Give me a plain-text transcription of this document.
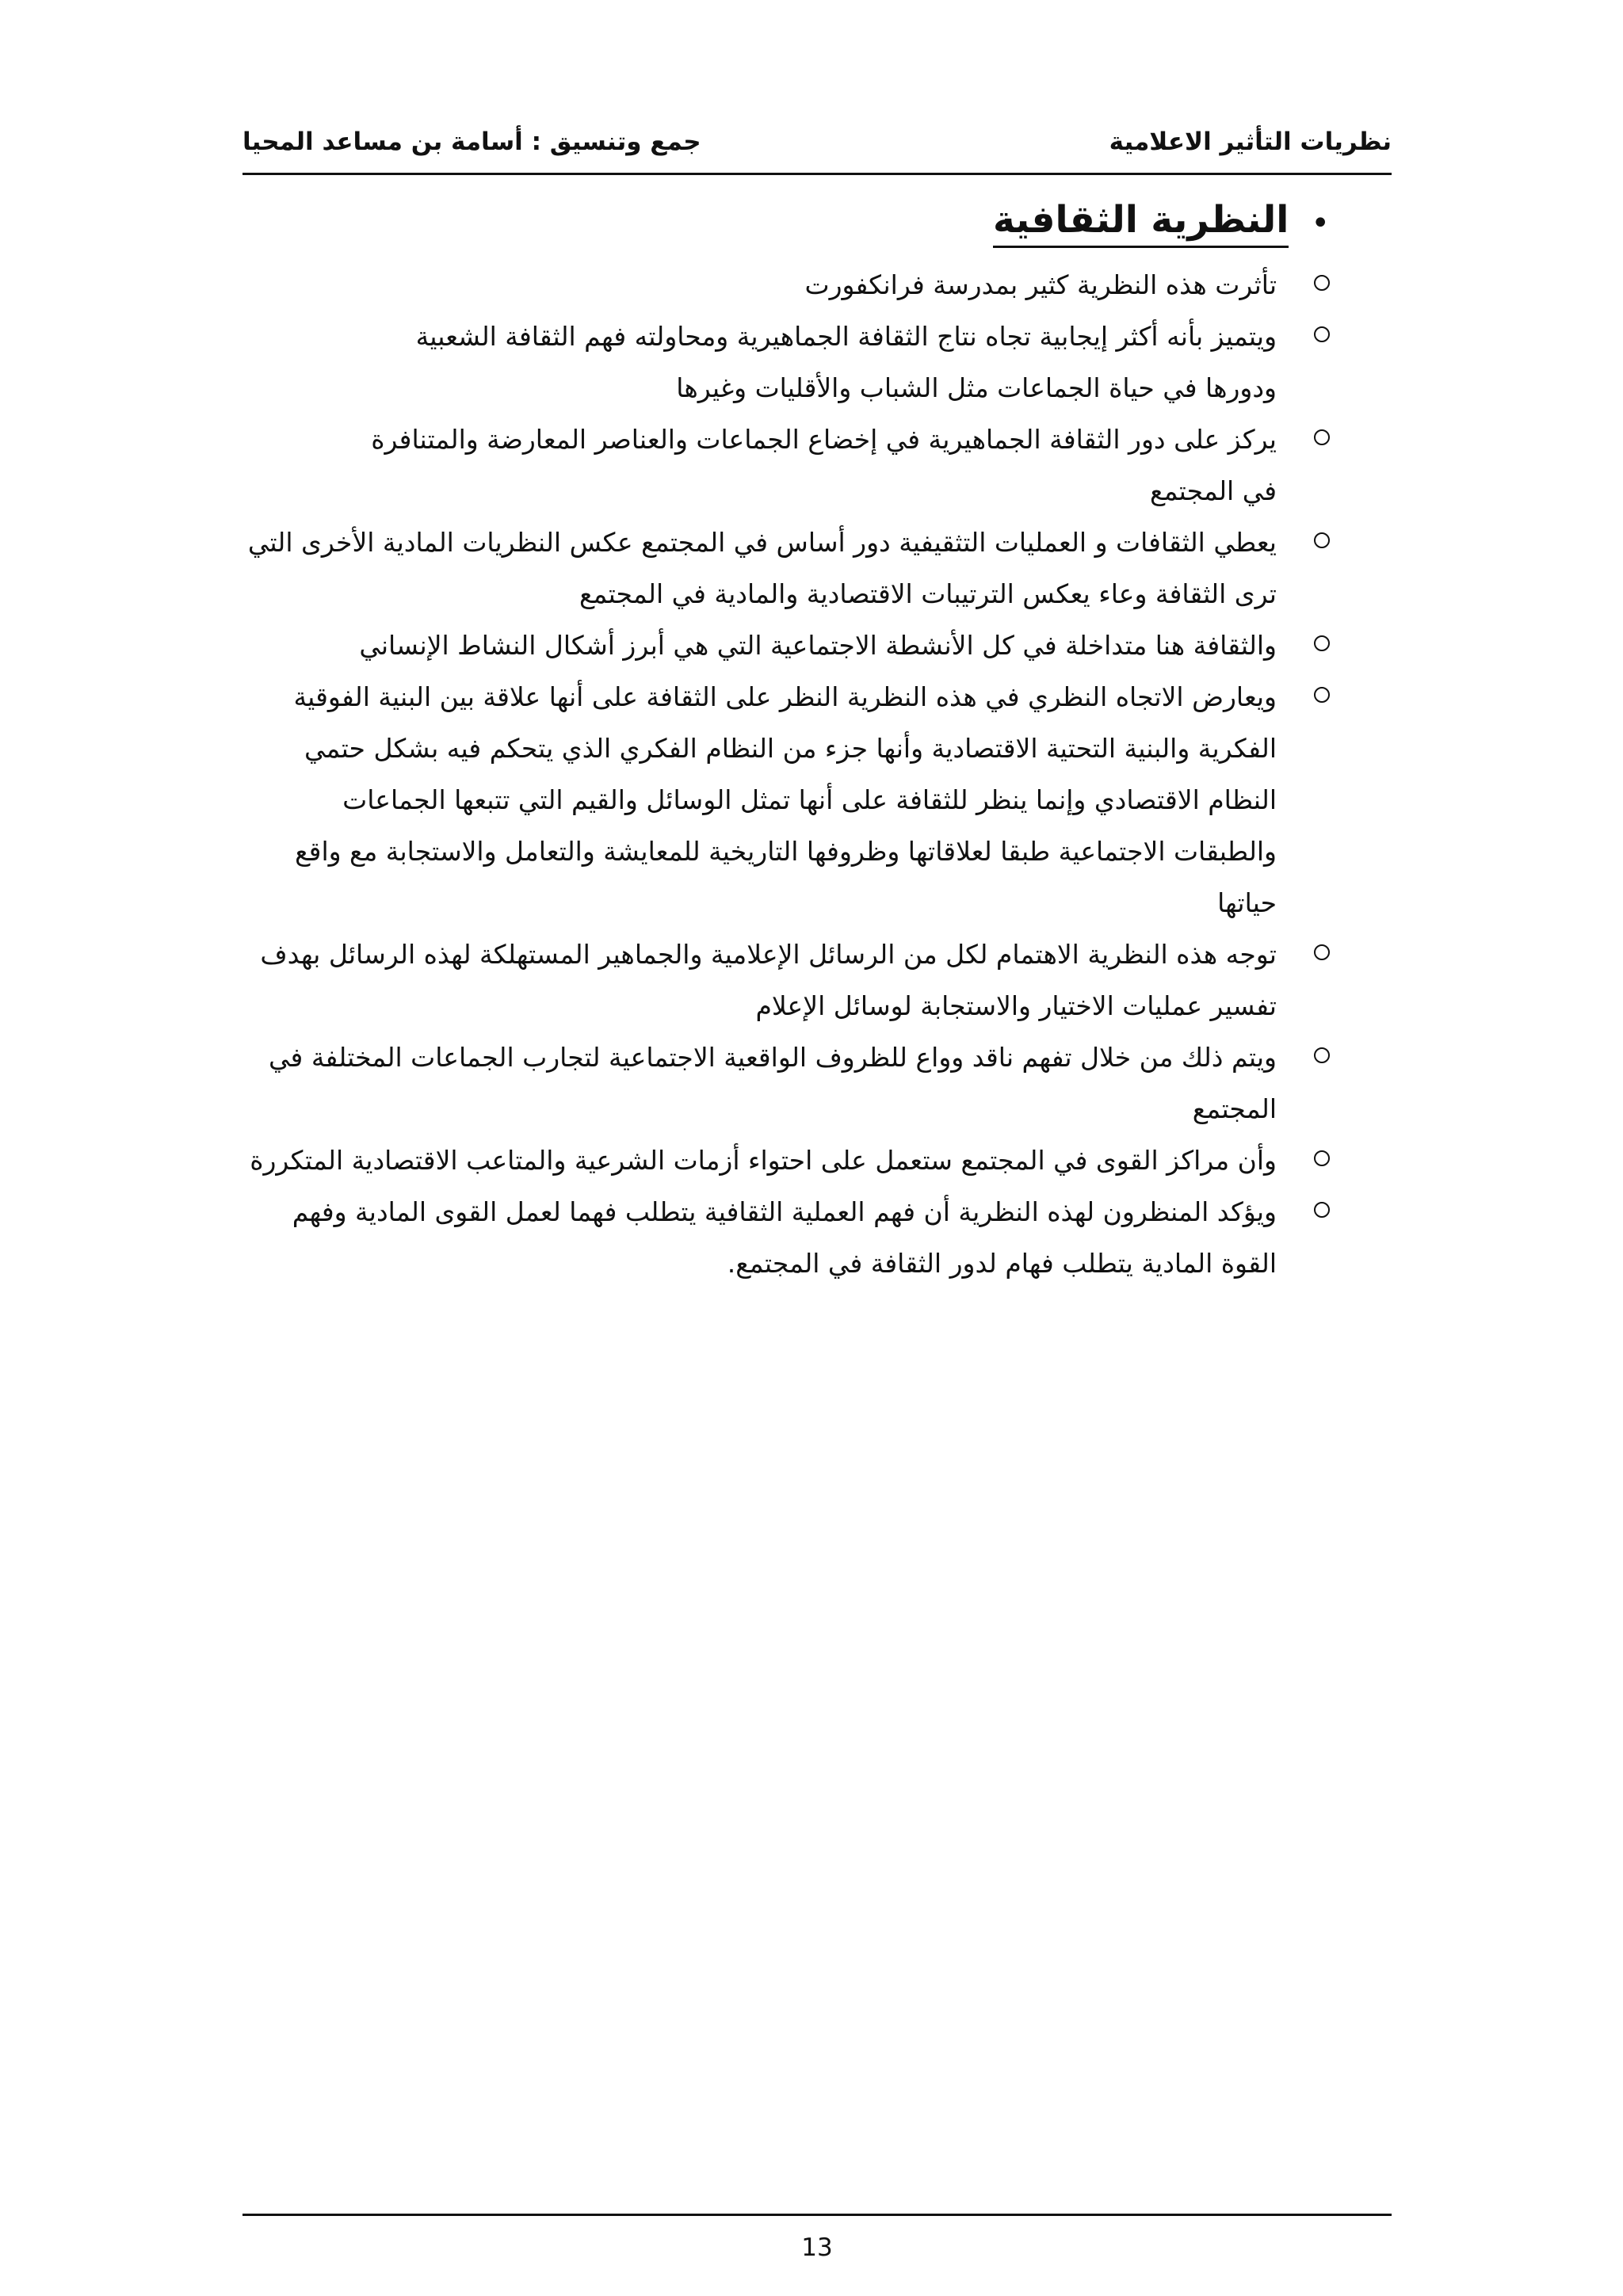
نظريات التأثير الاعلامية
جمع وتنسيق : أسامة بن مساعد المحيا
•
النظرية الثقافية
تأثرت هذه النظرية كثير بمدرسة فرانكفورت
ويتميز بأنه أكثر إيجابية تجاه نتاج الثقافة الجماهيرية ومحاولته فهم الثقافة الشعبية ودورها في حياة الجماعات مثل الشباب والأقليات وغيرها
يركز على دور الثقافة الجماهيرية في إخضاع الجماعات والعناصر المعارضة والمتنافرة في المجتمع
يعطي الثقافات و العمليات التثقيفية دور أساس في المجتمع عكس النظريات المادية الأخرى التي ترى الثقافة وعاء يعكس الترتيبات الاقتصادية والمادية في المجتمع
والثقافة هنا متداخلة في كل الأنشطة الاجتماعية التي هي أبرز أشكال النشاط الإنساني
ويعارض الاتجاه النظري في هذه النظرية النظر على الثقافة على أنها علاقة بين البنية الفوقية الفكرية والبنية التحتية الاقتصادية وأنها جزء من النظام الفكري الذي يتحكم فيه بشكل حتمي النظام الاقتصادي وإنما ينظر للثقافة على أنها تمثل الوسائل والقيم التي تتبعها الجماعات والطبقات الاجتماعية طبقا لعلاقاتها وظروفها التاريخية للمعايشة والتعامل والاستجابة مع واقع حياتها
توجه هذه النظرية الاهتمام لكل من الرسائل الإعلامية والجماهير المستهلكة لهذه الرسائل بهدف تفسير عمليات الاختيار والاستجابة لوسائل الإعلام
ويتم ذلك من خلال تفهم ناقد وواع للظروف الواقعية الاجتماعية لتجارب الجماعات المختلفة في المجتمع
وأن مراكز القوى في المجتمع ستعمل على احتواء أزمات الشرعية والمتاعب الاقتصادية المتكررة
ويؤكد المنظرون لهذه النظرية أن فهم العملية الثقافية يتطلب فهما لعمل القوى المادية وفهم القوة المادية يتطلب فهام لدور الثقافة في المجتمع.
13
